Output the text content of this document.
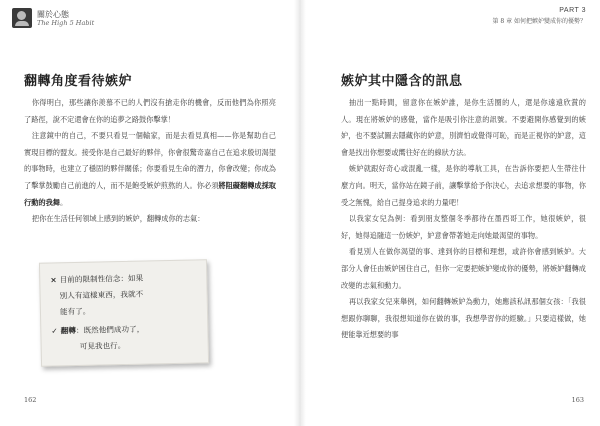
關於心態
The High 5 Habit
翻轉角度看待嫉妒

你得明白，那些讓你羨慕不已的人們沒有搶走你的機會，反而他們為你照亮了路徑，說不定還會在你的追夢之路鼓你擊掌！

注意鏡中的自己，不要只看見一個輸家，而是去看見真相——你是幫助自己實現目標的盟友。接受你是自己最好的夥伴，你會很驚奇嘉自己在追求殷切渴望的事物時，也建立了穩固的夥伴關係；你要看見生命的潛力，你會改變；你成為了擊掌鼓勵自己前進的人，而不是飽受嫉妒煎熬的人。你必須將阻礙翻轉成採取行動的我舞。

把你在生活任何領域上感到的嫉妒，翻轉成你的志氣：

× 目前的限制性信念：如果
別人有這樣東西，我就不
能有了。
✓ 翻轉：既然他們成功了，
可見我也行。
162
PART 3
第 8 章 如何把嫉妒變成你的優勢？
嫉妒其中隱含的訊息

抽出一點時間，留意你在嫉妒誰，是你生活圈的人，還是你遠遠欣賞的人。現在將嫉妒的感覺，當作是吸引你注意的訊號。不要避開你感覺到的嫉妒，也不要試圖去隱藏你的妒意，別濟怕或覺得可恥，而是正視你的妒意，這會是找出你想要或嚮往好在的線狀方法。

嫉妒就跟好奇心或混亂一樣，是你的導航工具，在告訴你要把人生帶往什麼方向。明天，當你站在鏡子前，讓擊掌給予你決心，去追求想要的事物，你受之無愧，給自己提身追求的力量吧！

以我家女兒為例：看到朋友整個冬季都待在墨西哥工作，她很嫉妒，很好，她得追隨這一份嫉妒，妒意會帶著她走向她最渴望的事物。

看見別人在做你渴望的事、達到你的目標和理想，或許你會感到嫉妒。大部分人會任由嫉妒困住自己，但你一定要把嫉妒變成你的優勢，將嫉妒翻轉成改變的志氣和動力。

再以我家女兒來舉例，如何翻轉嫉妒為動力，她應該私訊那個女孩：「我很想跟你聊聊，我很想知道你在做的事，我想學習你的經驗。」只要這樣做，她便能靠近想要的事

163
